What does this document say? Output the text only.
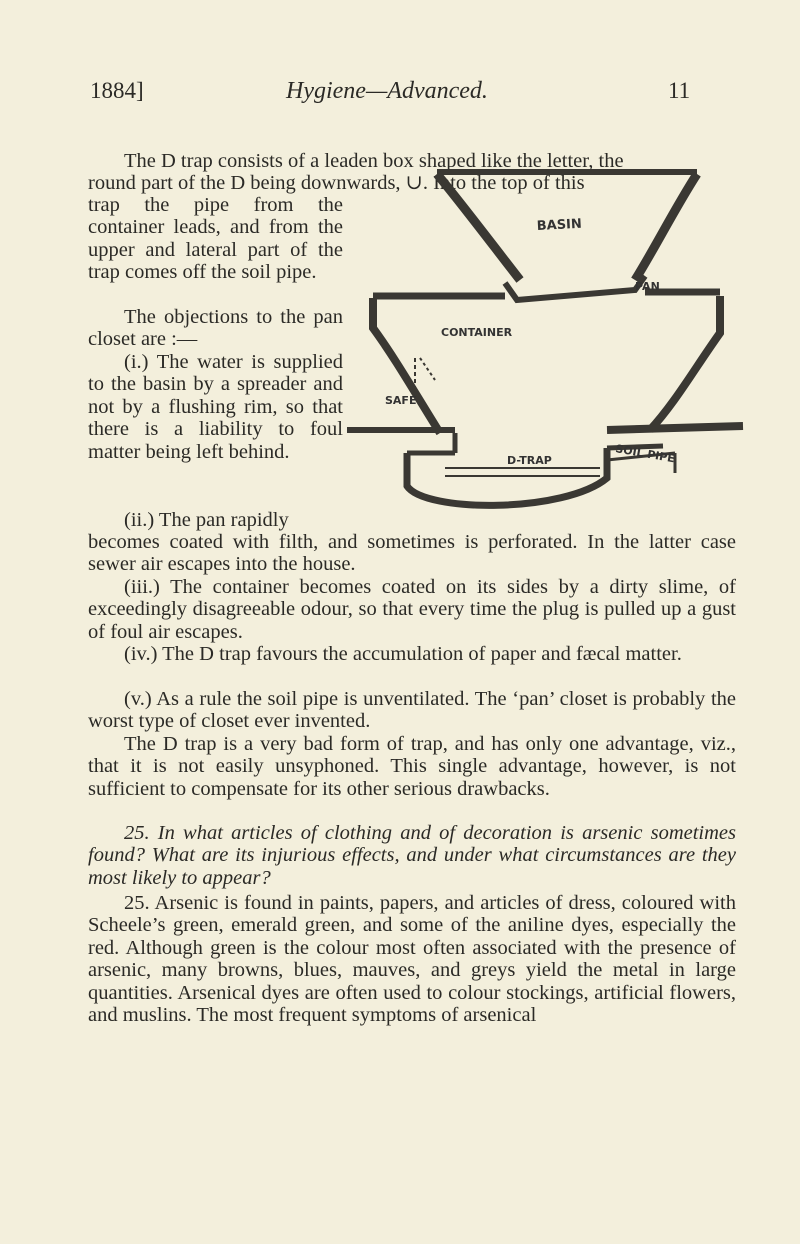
1884]	Hygiene—Advanced.	11

The D trap consists of a leaden box shaped like the letter, the

round part of the D being downwards, ∪. Into the top of this

trap the pipe from the container leads, and from the upper and lateral part of the trap comes off the soil pipe.

The objections to the pan closet are :—

(i.) The water is supplied to the basin by a spreader and not by a flushing rim, so that there is a liability to foul matter being left behind.

(ii.) The pan rapidly

becomes coated with filth, and sometimes is perforated. In the latter case sewer air escapes into the house.

(iii.) The container becomes coated on its sides by a dirty slime, of exceedingly disagreeable odour, so that every time the plug is pulled up a gust of foul air escapes.

(iv.) The D trap favours the accumulation of paper and fæcal matter.

(v.) As a rule the soil pipe is unventilated. The ‘pan’ closet is probably the worst type of closet ever invented.

The D trap is a very bad form of trap, and has only one advantage, viz., that it is not easily unsyphoned. This single advantage, however, is not sufficient to compensate for its other serious drawbacks.

25. In what articles of clothing and of decoration is arsenic sometimes found? What are its injurious effects, and under what circumstances are they most likely to appear?

25. Arsenic is found in paints, papers, and articles of dress, coloured with Scheele’s green, emerald green, and some of the aniline dyes, especially the red. Although green is the colour most often associated with the presence of arsenic, many browns, blues, mauves, and greys yield the metal in large quantities. Arsenical dyes are often used to colour stockings, artificial flowers, and muslins. The most frequent symptoms of arsenical

BASIN
PAN
CONTAINER
SAFE
SOIL PIPE
D-TRAP
